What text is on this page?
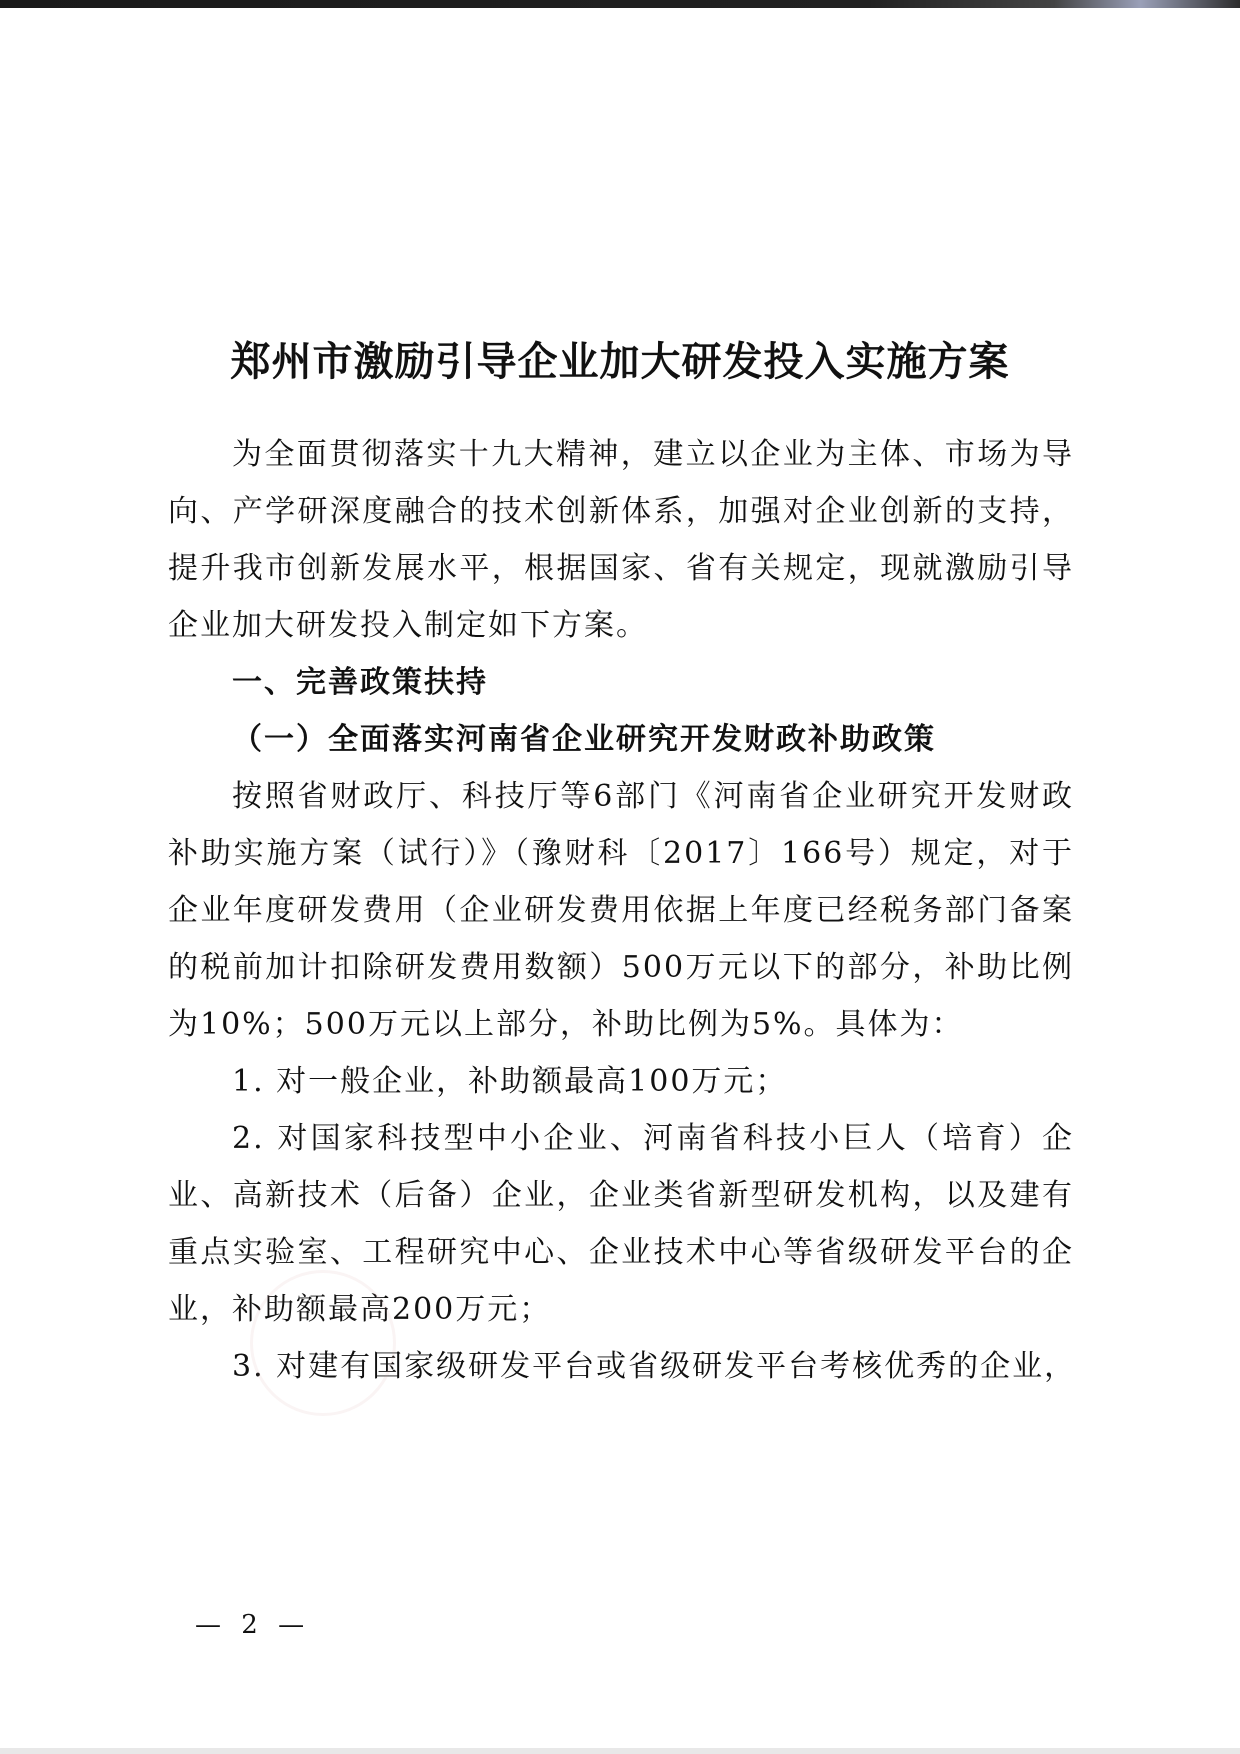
郑州市激励引导企业加大研发投入实施方案
为全面贯彻落实十九大精神，建立以企业为主体、市场为导
向、产学研深度融合的技术创新体系，加强对企业创新的支持，
提升我市创新发展水平，根据国家、省有关规定，现就激励引导
企业加大研发投入制定如下方案。
一、完善政策扶持
（一）全面落实河南省企业研究开发财政补助政策
按照省财政厅、科技厅等6部门《河南省企业研究开发财政
补助实施方案（试行）》（豫财科〔2017〕166号）规定，对于
企业年度研发费用（企业研发费用依据上年度已经税务部门备案
的税前加计扣除研发费用数额）500万元以下的部分，补助比例
为10%；500万元以上部分，补助比例为5%。具体为：
1. 对一般企业，补助额最高100万元；
2. 对国家科技型中小企业、河南省科技小巨人（培育）企
业、高新技术（后备）企业，企业类省新型研发机构，以及建有
重点实验室、工程研究中心、企业技术中心等省级研发平台的企
业，补助额最高200万元；
3. 对建有国家级研发平台或省级研发平台考核优秀的企业，
— 2 —
